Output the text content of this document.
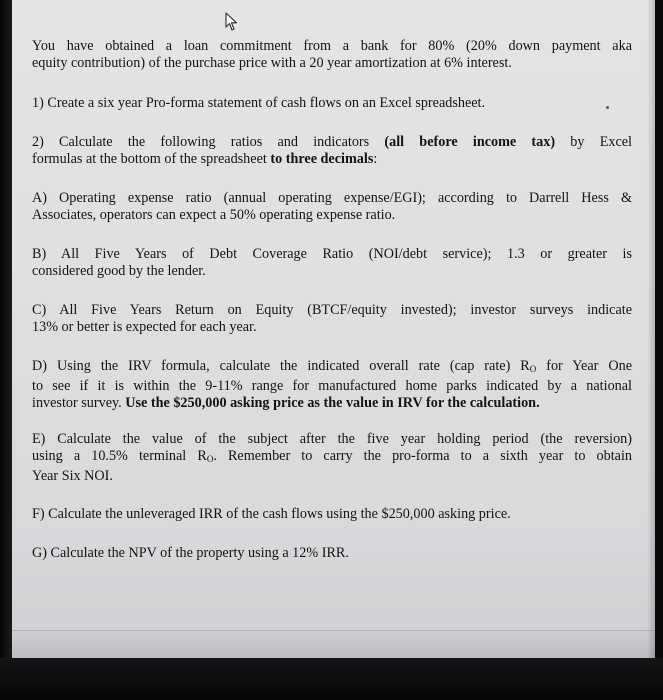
You have obtained a loan commitment from a bank for 80% (20% down payment aka
equity contribution) of the purchase price with a 20 year amortization at 6% interest.
1) Create a six year Pro-forma statement of cash flows on an Excel spreadsheet.
2) Calculate the following ratios and indicators (all before income tax) by Excel
formulas at the bottom of the spreadsheet to three decimals:
A) Operating expense ratio (annual operating expense/EGI); according to Darrell Hess &
Associates, operators can expect a 50% operating expense ratio.
B) All Five Years of Debt Coverage Ratio (NOI/debt service); 1.3 or greater is
considered good by the lender.
C) All Five Years Return on Equity (BTCF/equity invested); investor surveys indicate
13% or better is expected for each year.
D) Using the IRV formula, calculate the indicated overall rate (cap rate) $R_O$ for Year One
to see if it is within the 9-11% range for manufactured home parks indicated by a national
investor survey. Use the $250,000 asking price as the value in IRV for the calculation.
E) Calculate the value of the subject after the five year holding period (the reversion)
using a 10.5% terminal $R_O$. Remember to carry the pro-forma to a sixth year to obtain
Year Six NOI.
F) Calculate the unleveraged IRR of the cash flows using the $250,000 asking price.
G) Calculate the NPV of the property using a 12% IRR.
